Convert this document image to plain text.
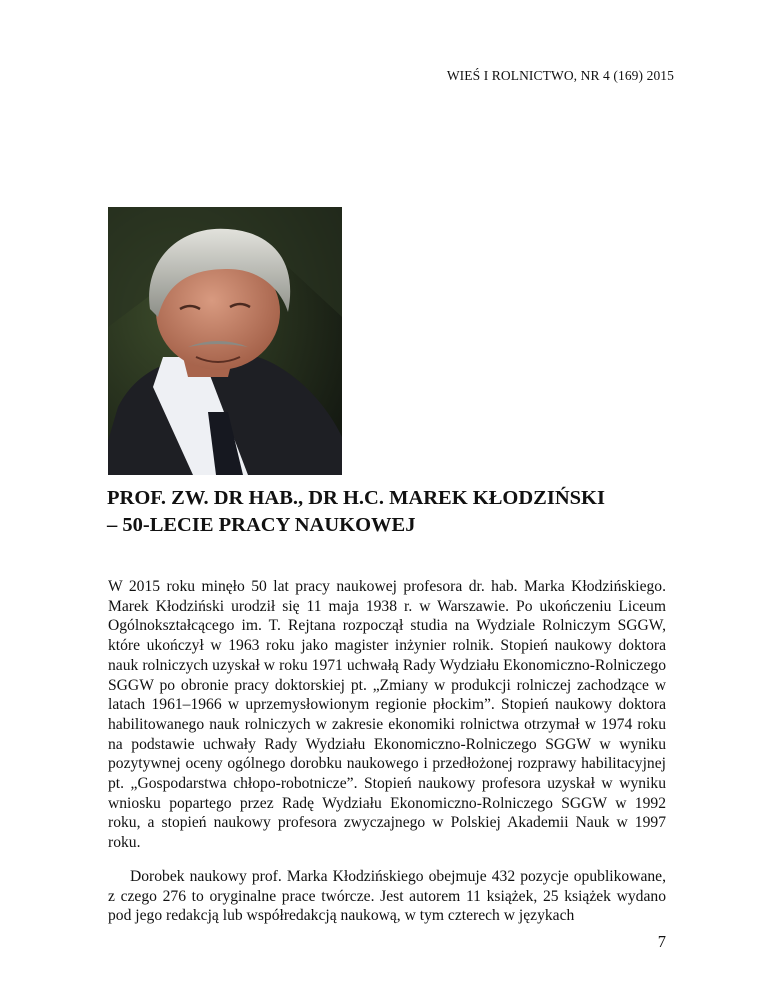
WIEŚ I ROLNICTWO, NR 4 (169) 2015
PROF. ZW. DR HAB., DR H.C. MAREK KŁODZIŃSKI
– 50-LECIE PRACY NAUKOWEJ

W 2015 roku minęło 50 lat pracy naukowej profesora dr. hab. Marka Kłodzińskiego. Marek Kłodziński urodził się 11 maja 1938 r. w Warszawie. Po ukończeniu Liceum Ogólnokształcącego im. T. Rejtana rozpoczął studia na Wydziale Rolniczym SGGW, które ukończył w 1963 roku jako magister inżynier rolnik. Stopień naukowy doktora nauk rolniczych uzyskał w roku 1971 uchwałą Rady Wydziału Ekonomiczno-Rolniczego SGGW po obronie pracy doktorskiej pt. „Zmiany w produkcji rolniczej zachodzące w latach 1961–1966 w uprzemysłowionym regionie płockim”. Stopień naukowy doktora habilitowanego nauk rolniczych w zakresie ekonomiki rolnictwa otrzymał w 1974 roku na podstawie uchwały Rady Wydziału Ekonomiczno-Rolniczego SGGW w wyniku pozytywnej oceny ogólnego dorobku naukowego i przedłożonej rozprawy habilitacyjnej pt. „Gospodarstwa chłopo-robotnicze”. Stopień naukowy profesora uzyskał w wyniku wniosku popartego przez Radę Wydziału Ekonomiczno-Rolniczego SGGW w 1992 roku, a stopień naukowy profesora zwyczajnego w Polskiej Akademii Nauk w 1997 roku.

Dorobek naukowy prof. Marka Kłodzińskiego obejmuje 432 pozycje opublikowane, z czego 276 to oryginalne prace twórcze. Jest autorem 11 książek, 25 książek wydano pod jego redakcją lub współredakcją naukową, w tym czterech w językach

7
